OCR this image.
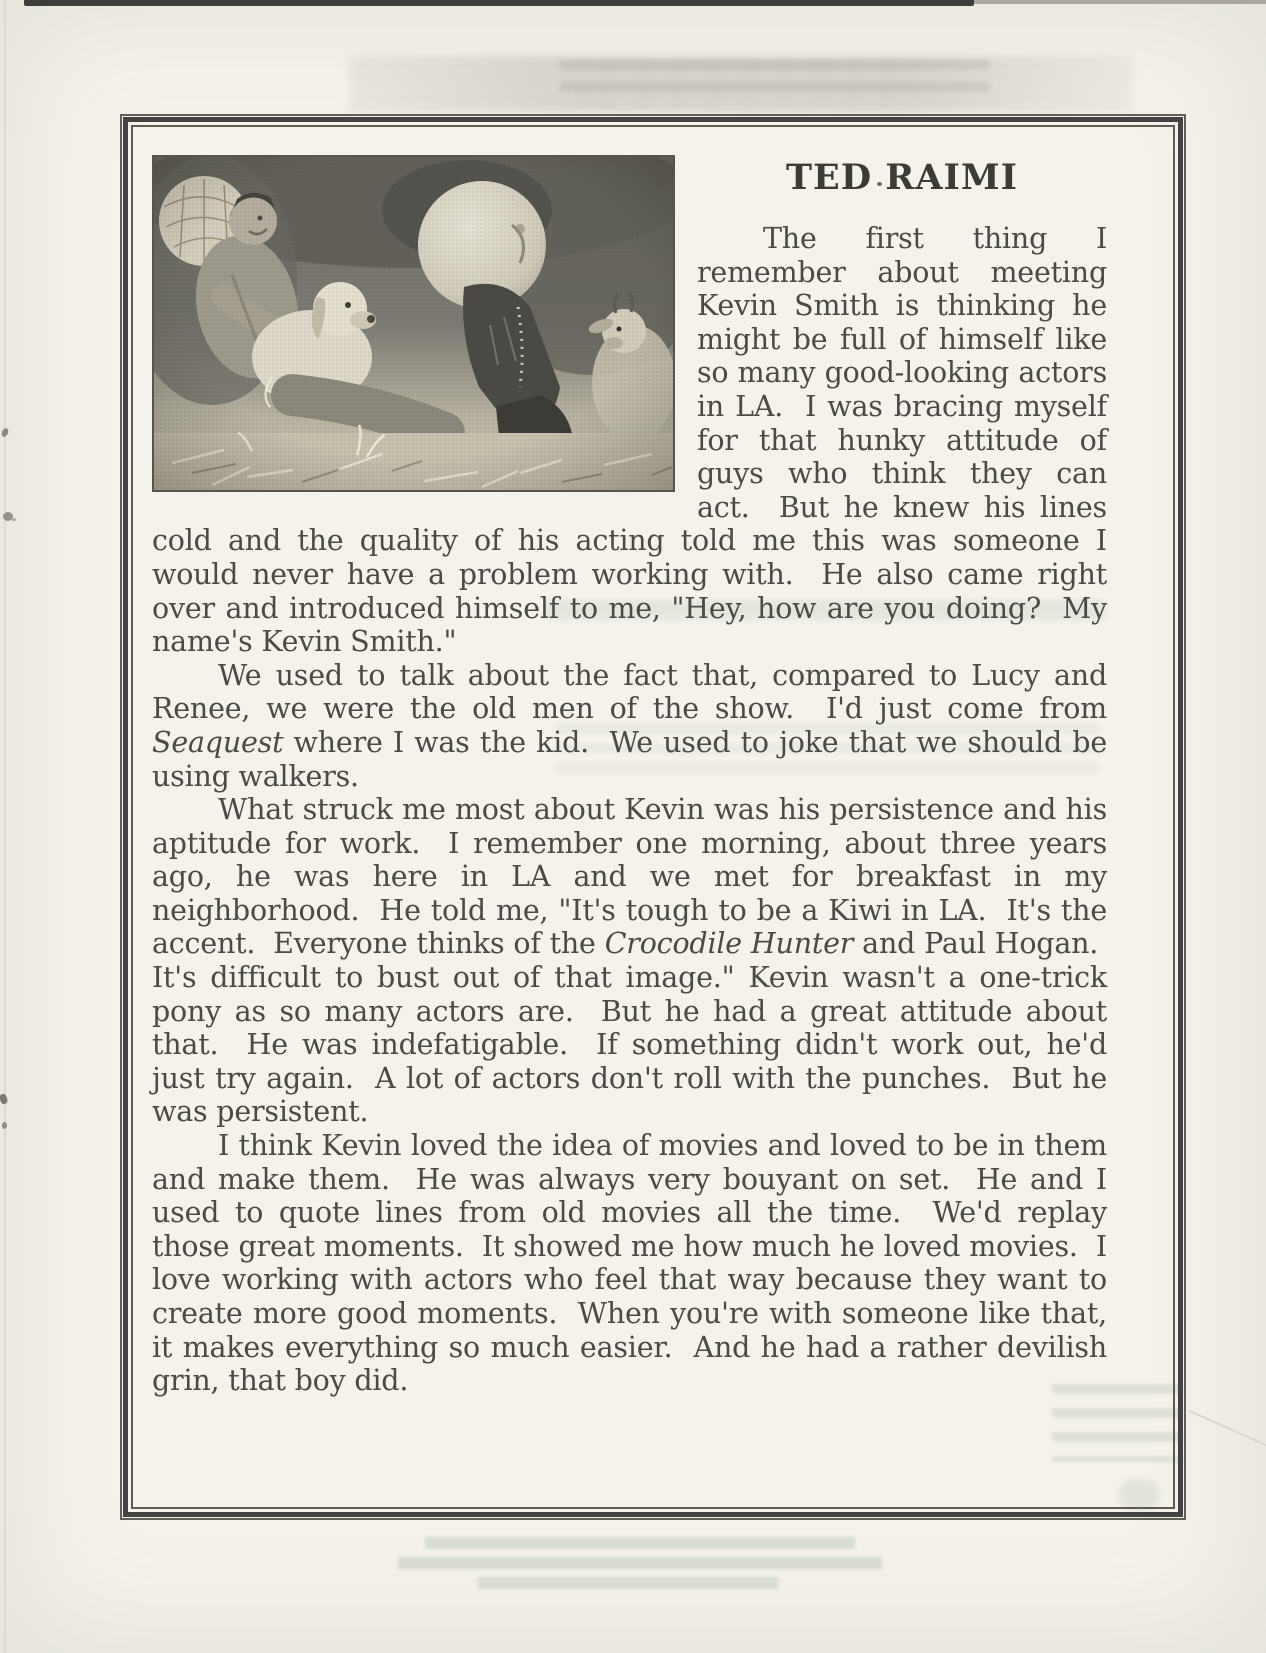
TED RAIMI

The first thing I remember about meeting Kevin Smith is thinking he might be full of himself like so many good-looking actors in LA.  I was bracing myself for that hunky attitude of guys who think they can act.  But he knew his lines cold and the quality of his acting told me this was someone I would never have a problem working with.  He also came right over and introduced himself to me, "Hey, how are you doing?  My name's Kevin Smith."

We used to talk about the fact that, compared to Lucy and Renee, we were the old men of the show.  I'd just come from Seaquest where I was the kid.  We used to joke that we should be using walkers.

What struck me most about Kevin was his persistence and his aptitude for work.  I remember one morning, about three years ago, he was here in LA and we met for breakfast in my neighborhood.  He told me, "It's tough to be a Kiwi in LA.  It's the accent.  Everyone thinks of the Crocodile Hunter and Paul Hogan.  It's difficult to bust out of that image." Kevin wasn't a one-trick pony as so many actors are.  But he had a great attitude about that.  He was indefatigable.  If something didn't work out, he'd just try again.  A lot of actors don't roll with the punches.  But he was persistent.

I think Kevin loved the idea of movies and loved to be in them and make them.  He was always very bouyant on set.  He and I used to quote lines from old movies all the time.  We'd replay those great moments.  It showed me how much he loved movies.  I love working with actors who feel that way because they want to create more good moments.  When you're with someone like that, it makes everything so much easier.  And he had a rather devilish grin, that boy did.
